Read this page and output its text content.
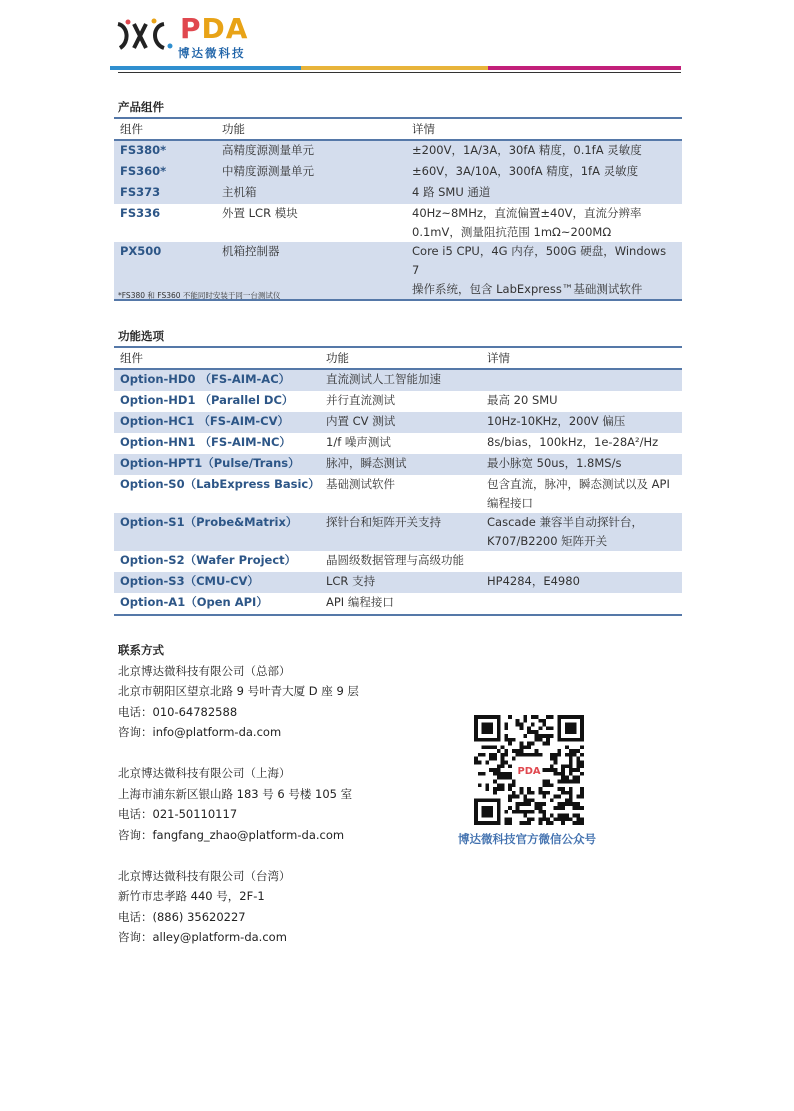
PDA
博达微科技
产品组件
组件	功能	详情
FS380*	高精度源测量单元	±200V，1A/3A，30fA 精度，0.1fA 灵敏度
FS360*	中精度源测量单元	±60V，3A/10A，300fA 精度，1fA 灵敏度
FS373	主机箱	4 路 SMU 通道
FS336	外置 LCR 模块	40Hz~8MHz，直流偏置±40V，直流分辨率
0.1mV，测量阻抗范围 1mΩ~200MΩ

PX500	机箱控制器	Core i5 CPU，4G 内存，500G 硬盘，Windows 7
操作系统，包含 LabExpress™基础测试软件
*FS380 和 FS360 不能同时安装于同一台测试仪
功能选项
组件	功能	详情
Option-HD0 （FS-AIM-AC）	直流测试人工智能加速	
Option-HD1 （Parallel DC）	并行直流测试	最高 20 SMU
Option-HC1 （FS-AIM-CV）	内置 CV 测试	10Hz-10KHz，200V 偏压
Option-HN1 （FS-AIM-NC）	1/f 噪声测试	8s/bias，100kHz，1e-28A²/Hz
Option-HPT1（Pulse/Trans）	脉冲，瞬态测试	最小脉宽 50us，1.8MS/s
Option-S0（LabExpress Basic）	基础测试软件	包含直流，脉冲，瞬态测试以及 API
编程接口

Option-S1（Probe&Matrix）	探针台和矩阵开关支持	Cascade 兼容半自动探针台，
K707/B2200 矩阵开关

Option-S2（Wafer Project）	晶圆级数据管理与高级功能	
Option-S3（CMU-CV）	LCR 支持	HP4284，E4980
Option-A1（Open API）	API 编程接口	
联系方式
北京博达微科技有限公司（总部）
北京市朝阳区望京北路 9 号叶青大厦 D 座 9 层
电话：010-64782588
咨询：info@platform-da.com
北京博达微科技有限公司（上海）
上海市浦东新区银山路 183 号 6 号楼 105 室
电话：021-50110117
咨询：fangfang_zhao@platform-da.com
北京博达微科技有限公司（台湾）
新竹市忠孝路 440 号，2F-1
电话：(886) 35620227
咨询：alley@platform-da.com
PDA
博达微科技官方微信公众号
